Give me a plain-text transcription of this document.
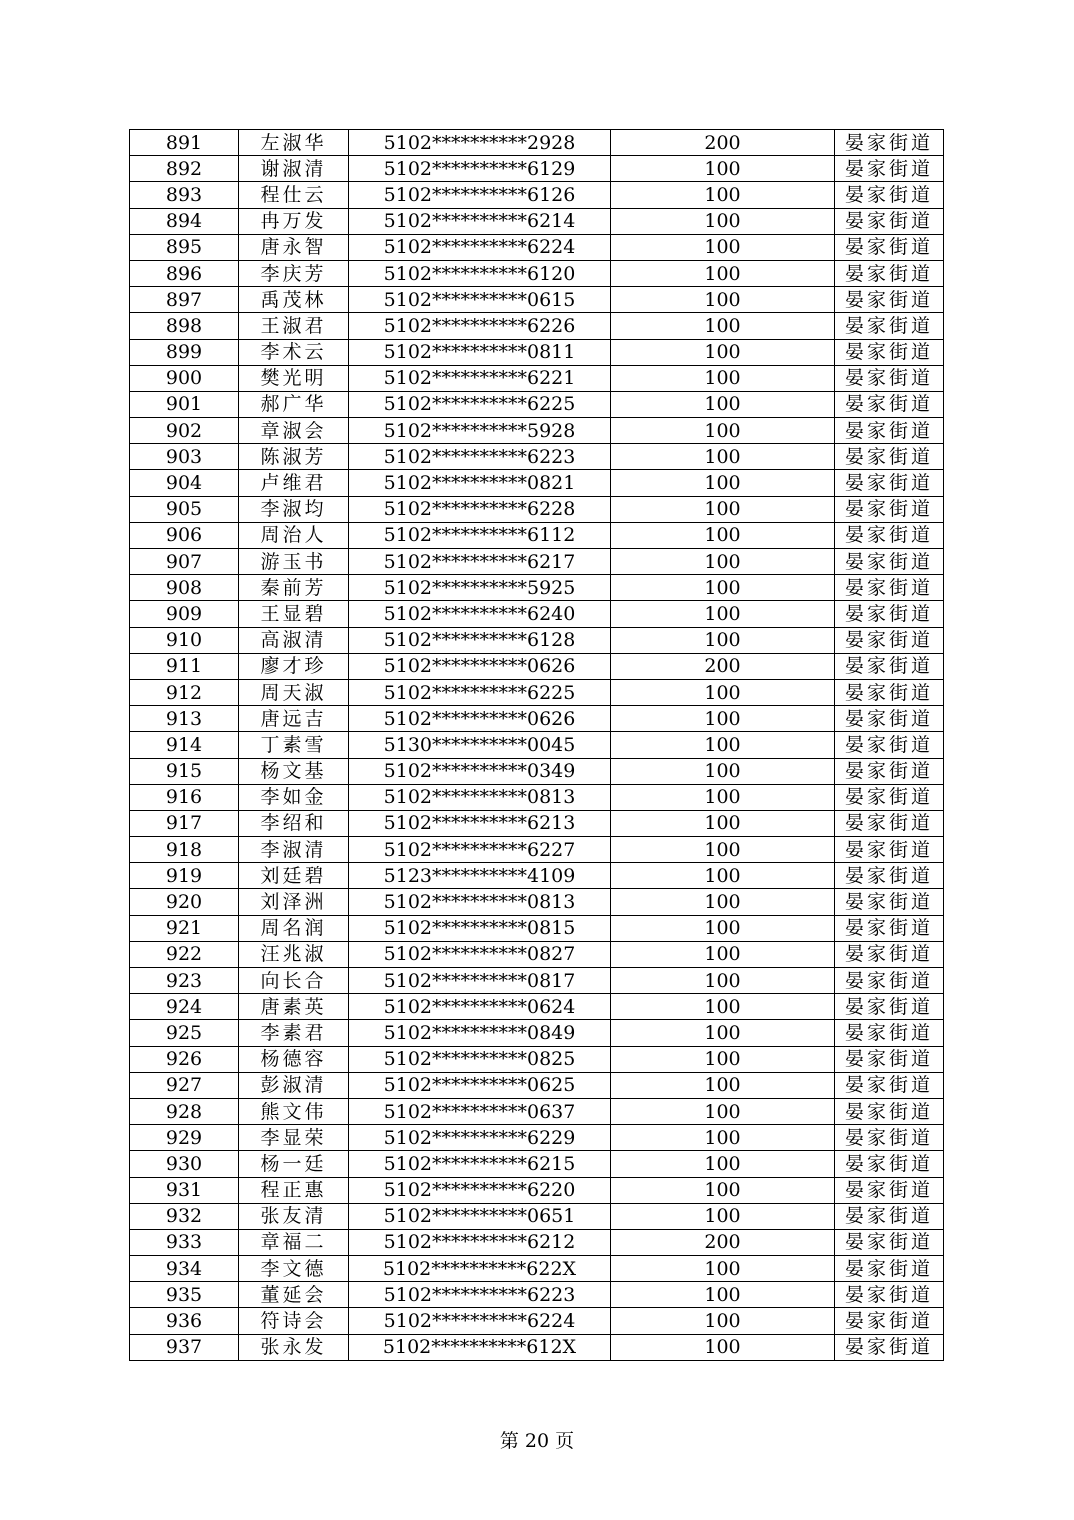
891	左淑华	5102**********2928	200	晏家街道
892	谢淑清	5102**********6129	100	晏家街道
893	程仕云	5102**********6126	100	晏家街道
894	冉万发	5102**********6214	100	晏家街道
895	唐永智	5102**********6224	100	晏家街道
896	李庆芳	5102**********6120	100	晏家街道
897	禹茂林	5102**********0615	100	晏家街道
898	王淑君	5102**********6226	100	晏家街道
899	李术云	5102**********0811	100	晏家街道
900	樊光明	5102**********6221	100	晏家街道
901	郝广华	5102**********6225	100	晏家街道
902	章淑会	5102**********5928	100	晏家街道
903	陈淑芳	5102**********6223	100	晏家街道
904	卢维君	5102**********0821	100	晏家街道
905	李淑均	5102**********6228	100	晏家街道
906	周治人	5102**********6112	100	晏家街道
907	游玉书	5102**********6217	100	晏家街道
908	秦前芳	5102**********5925	100	晏家街道
909	王显碧	5102**********6240	100	晏家街道
910	高淑清	5102**********6128	100	晏家街道
911	廖才珍	5102**********0626	200	晏家街道
912	周天淑	5102**********6225	100	晏家街道
913	唐远吉	5102**********0626	100	晏家街道
914	丁素雪	5130**********0045	100	晏家街道
915	杨文基	5102**********0349	100	晏家街道
916	李如金	5102**********0813	100	晏家街道
917	李绍和	5102**********6213	100	晏家街道
918	李淑清	5102**********6227	100	晏家街道
919	刘廷碧	5123**********4109	100	晏家街道
920	刘泽洲	5102**********0813	100	晏家街道
921	周名润	5102**********0815	100	晏家街道
922	汪兆淑	5102**********0827	100	晏家街道
923	向长合	5102**********0817	100	晏家街道
924	唐素英	5102**********0624	100	晏家街道
925	李素君	5102**********0849	100	晏家街道
926	杨德容	5102**********0825	100	晏家街道
927	彭淑清	5102**********0625	100	晏家街道
928	熊文伟	5102**********0637	100	晏家街道
929	李显荣	5102**********6229	100	晏家街道
930	杨一廷	5102**********6215	100	晏家街道
931	程正惠	5102**********6220	100	晏家街道
932	张友清	5102**********0651	100	晏家街道
933	章福二	5102**********6212	200	晏家街道
934	李文德	5102**********622X	100	晏家街道
935	董延会	5102**********6223	100	晏家街道
936	符诗会	5102**********6224	100	晏家街道
937	张永发	5102**********612X	100	晏家街道
第 20 页
